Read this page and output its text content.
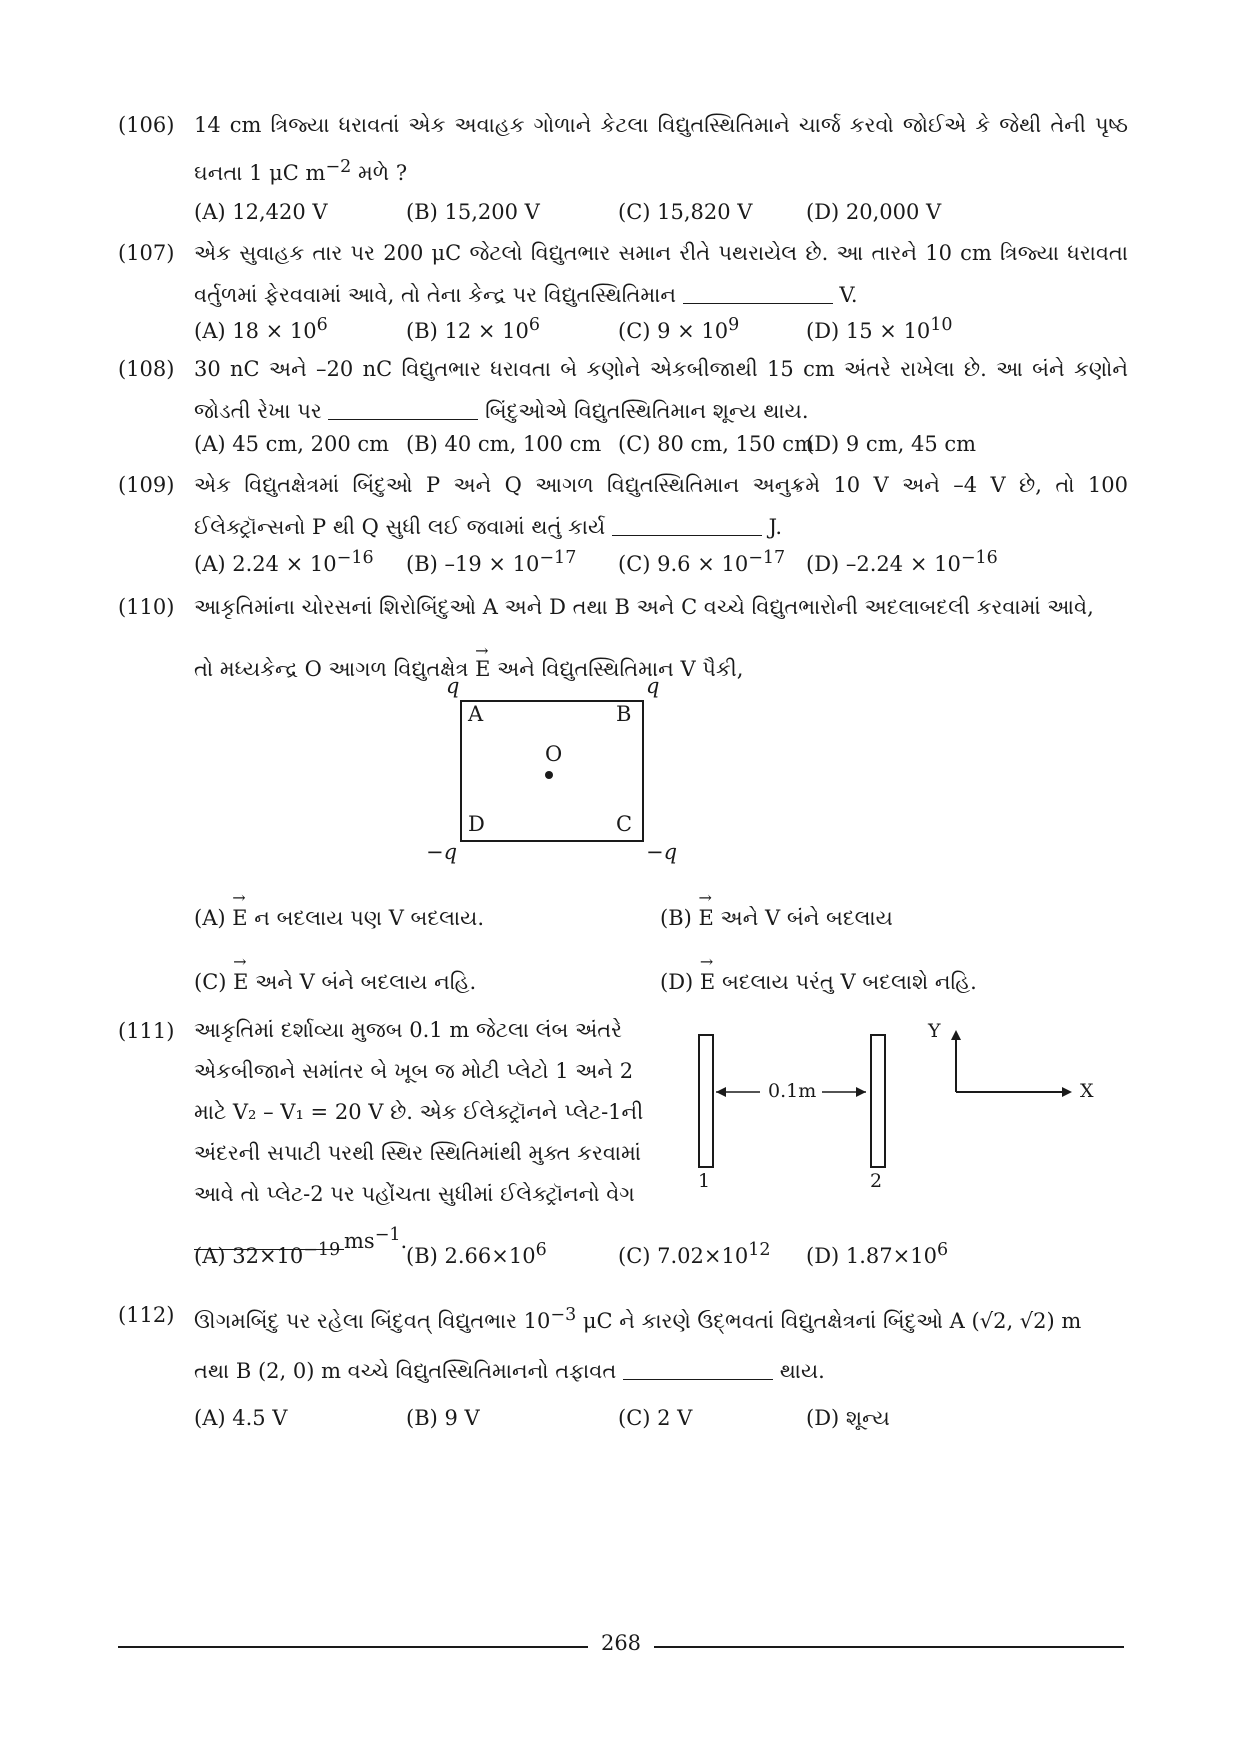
(106) 14 cm ત્રિજ્યા ધરાવતાં એક અવાહક ગોળાને કેટલા વિદ્યુતસ્થિતિમાને ચાર્જ કરવો જોઈએ કે જેથી તેની પૃષ્ઠ ઘનતા 1 μC $m^{-2}$ મળે ?
(A) 12,420 V	(B) 15,200 V	(C) 15,820 V	(D) 20,000 V
(107) એક સુવાહક તાર પર 200 μC જેટલો વિદ્યુતભાર સમાન રીતે પથરાયેલ છે. આ તારને 10 cm ત્રિજ્યા ધરાવતા વર્તુળમાં ફેરવવામાં આવે, તો તેના કેન્દ્ર પર વિદ્યુતસ્થિતિમાન	V.
(A) $18 \times 10^6$	(B) $12 \times 10^6$	(C) $9 \times 10^9$	(D) $15 \times 10^{10}$
(108) 30 nC અને –20 nC વિદ્યુતભાર ધરાવતા બે કણોને એકબીજાથી 15 cm અંતરે રાખેલા છે. આ બંને કણોને જોડતી રેખા પર	બિંદુઓએ વિદ્યુતસ્થિતિમાન શૂન્ય થાય.
(A) 45 cm, 200 cm (B) 40 cm, 100 cm (C) 80 cm, 150 cm
(D) 9 cm, 45 cm
(109) એક વિદ્યુતક્ષેત્રમાં બિંદુઓ P અને Q આગળ વિદ્યુતસ્થિતિમાન અનુક્રમે 10 V અને –4 V છે, તો 100 ઈલેક્ટ્રૉન્સનો P થી Q સુધી લઈ જવામાં થતું કાર્ય	J.
(A) $2.24 \times 10^{-16}$ (B) $-19 \times 10^{-17}$ (C) $9.6 \times 10^{-17}$ (D) $-2.24 \times 10^{-16}$
(110) આકૃતિમાંના ચોરસનાં શિરોબિંદુઓ A અને D તથા B અને C વચ્ચે વિદ્યુતભારોની અદલાબદલી કરવામાં આવે,
તો મધ્યકેન્દ્ર O આગળ વિદ્યુતક્ષેત્ર → E અને વિદ્યુતસ્થિતિમાન V પૈકી,
q	q
−q	−q
A	B
D	C
O
(A) → E ન બદલાય પણ V બદલાય.	(B) → E અને V બંને બદલાય
(C) → E અને V બંને બદલાય નહિ.	(D) → E બદલાય પરંતુ V બદલાશે નહિ.
(111) આકૃતિમાં દર્શાવ્યા મુજબ 0.1 m જેટલા લંબ અંતરે
એકબીજાને સમાંતર બે ખૂબ જ મોટી પ્લેટો 1 અને 2
માટે V₂ – V₁ = 20 V છે. એક ઈલેક્ટ્રૉનને પ્લેટ-1ની
અંદરની સપાટી પરથી સ્થિર સ્થિતિમાંથી મુક્ત કરવામાં
આવે તો પ્લેટ-2 પર પહોંચતા સુધીમાં ઈલેક્ટ્રૉનનો વેગ
$ms^{-1}$.
0.1m
1	2
Y
X
(A) $32\times 10^{-19}$	(B) $2.66\times 10^6$	(C) $7.02\times 10^{12}$ (D) $1.87\times 10^6$
(112) ઊગમબિંદુ પર રહેલા બિંદુવત્ વિદ્યુતભાર $10^{-3}$ μC ને કારણે ઉદ્ભવતાં વિદ્યુતક્ષેત્રનાં બિંદુઓ A (√2, √2) m
તથા B (2, 0) m વચ્ચે વિદ્યુતસ્થિતિમાનનો તફાવત	થાય.
(A) 4.5 V	(B) 9 V	(C) 2 V	(D) શૂન્ય
268
